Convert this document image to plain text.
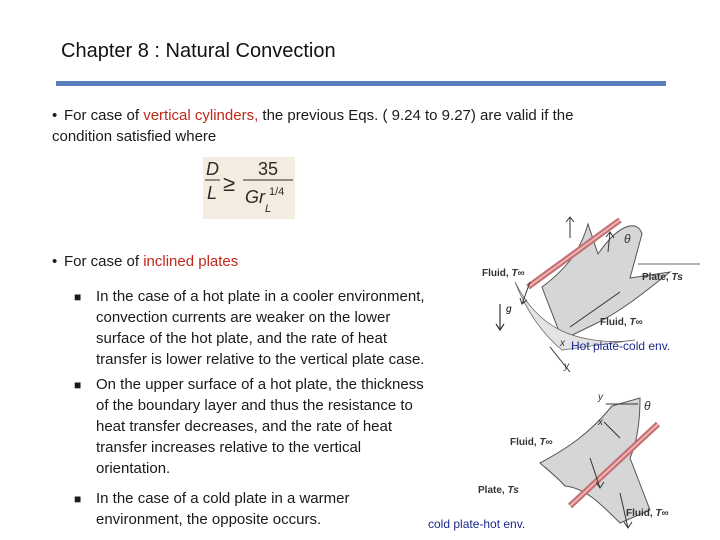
Chapter 8 : Natural Convection
• For case of vertical cylinders, the previous Eqs. ( 9.24 to 9.27) are valid if the
condition satisfied where
D
L ≥
35
Gr
L
1/4
• For case of inclined plates
■ In the case of a hot plate in a cooler environment,
convection currents are weaker on the lower
surface of the hot plate, and the rate of heat
transfer is lower relative to the vertical plate case.
■ On the upper surface of a hot plate, the thickness
of the boundary layer and thus the resistance to
heat transfer decreases, and the rate of heat
transfer increases relative to the vertical
orientation.
■ In the case of a cold plate in a warmer
environment, the opposite occurs.
g
Fluid, T∞	Plate, Ts
Fluid, T∞
θ
x
y
Hot plate-cold env.
y
x
θ
Fluid, T∞
Plate, Ts
Fluid, T∞
cold plate-hot env.
